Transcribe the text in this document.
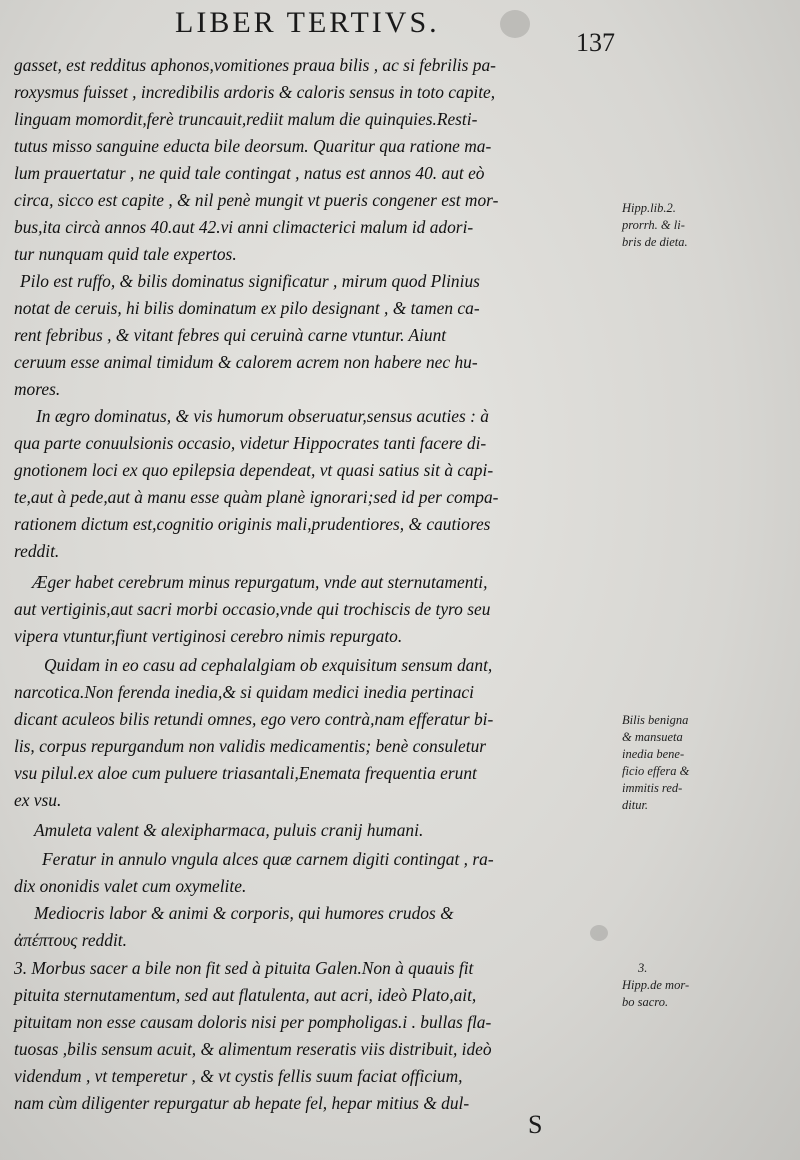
LIBER TERTIVS.
137
gasset, est redditus aphonos,vomitiones praua bilis , ac si febrilis pa-
roxysmus fuisset , incredibilis ardoris & caloris sensus in toto capite,
linguam momordit,ferè truncauit,rediit malum die quinquies.Resti-
tutus misso sanguine educta bile deorsum. Quaritur qua ratione ma-
lum prauertatur , ne quid tale contingat , natus est annos 40. aut eò
circa, sicco est capite , & nil penè mungit vt pueris congener est mor-
bus,ita circà annos 40.aut 42.vi anni climacterici malum id adori-
tur nunquam quid tale expertos.
Pilo est ruffo, & bilis dominatus significatur , mirum quod Plinius
notat de ceruis, hi bilis dominatum ex pilo designant , & tamen ca-
rent febribus , & vitant febres qui ceruinà carne vtuntur. Aiunt
ceruum esse animal timidum & calorem acrem non habere nec hu-
mores.
In ægro dominatus, & vis humorum obseruatur,sensus acuties : à
qua parte conuulsionis occasio, videtur Hippocrates tanti facere di-
gnotionem loci ex quo epilepsia dependeat, vt quasi satius sit à capi-
te,aut à pede,aut à manu esse quàm planè ignorari;sed id per compa-
rationem dictum est,cognitio originis mali,prudentiores, & cautiores
reddit.
Æger habet cerebrum minus repurgatum, vnde aut sternutamenti,
aut vertiginis,aut sacri morbi occasio,vnde qui trochiscis de tyro seu
vipera vtuntur,fiunt vertiginosi cerebro nimis repurgato.
Quidam in eo casu ad cephalalgiam ob exquisitum sensum dant,
narcotica.Non ferenda inedia,& si quidam medici inedia pertinaci
dicant aculeos bilis retundi omnes, ego vero contrà,nam efferatur bi-
lis, corpus repurgandum non validis medicamentis; benè consuletur
vsu pilul.ex aloe cum puluere triasantali,Enemata frequentia erunt
ex vsu.
Amuleta valent & alexipharmaca, puluis cranij humani.
Feratur in annulo vngula alces quæ carnem digiti contingat , ra-
dix ononidis valet cum oxymelite.
Mediocris labor & animi & corporis, qui humores crudos &
ἀπέπτους reddit.
3. Morbus sacer a bile non fit sed à pituita Galen.Non à quauis fit
pituita sternutamentum, sed aut flatulenta, aut acri, ideò Plato,ait,
pituitam non esse causam doloris nisi per pompholigas.i . bullas fla-
tuosas ,bilis sensum acuit, & alimentum reseratis viis distribuit, ideò
videndum , vt temperetur , & vt cystis fellis suum faciat officium,
nam cùm diligenter repurgatur ab hepate fel, hepar mitius & dul-
Hipp.lib.2.
prorrh. & li-
bris de dieta.
Bilis benigna
& mansueta
inedia bene-
ficio effera &
immitis red-
ditur.
3.
Hipp.de mor-
bo sacro.
S
